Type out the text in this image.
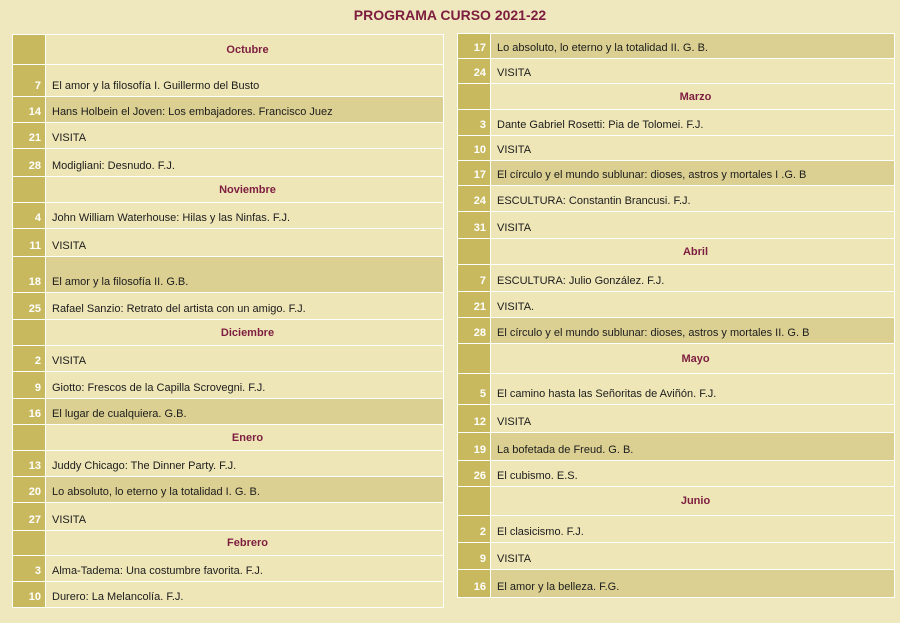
PROGRAMA CURSO 2021-22
	Octubre
7	El amor y la filosofía I. Guillermo del Busto
14	Hans Holbein el Joven: Los embajadores. Francisco Juez
21	VISITA
28	Modigliani: Desnudo. F.J.
	Noviembre
4	John William Waterhouse: Hilas y las Ninfas. F.J.
11	VISITA
18	El amor y la filosofía II. G.B.
25	Rafael Sanzio: Retrato del artista con un amigo. F.J.
	Diciembre
2	VISITA
9	Giotto: Frescos de la Capilla Scrovegni. F.J.
16	El lugar de cualquiera. G.B.
	Enero
13	Juddy Chicago: The Dinner Party. F.J.
20	Lo absoluto, lo eterno y la totalidad I. G. B.
27	VISITA
	Febrero
3	Alma-Tadema: Una costumbre favorita. F.J.
10	Durero: La Melancolía. F.J.
17	Lo absoluto, lo eterno y la totalidad II. G. B.
24	VISITA
	Marzo
3	Dante Gabriel Rosetti: Pia de Tolomei. F.J.
10	VISITA
17	El círculo y el mundo sublunar: dioses, astros y mortales I .G. B
24	ESCULTURA: Constantin Brancusi. F.J.
31	VISITA
	Abril
7	ESCULTURA: Julio González. F.J.
21	VISITA.
28	El círculo y el mundo sublunar: dioses, astros y mortales II. G. B
	Mayo
5	El camino hasta las Señoritas de Aviñón. F.J.
12	VISITA
19	La bofetada de Freud. G. B.
26	El cubismo. E.S.
	Junio
2	El clasicismo. F.J.
9	VISITA
16	El amor y la belleza. F.G.
